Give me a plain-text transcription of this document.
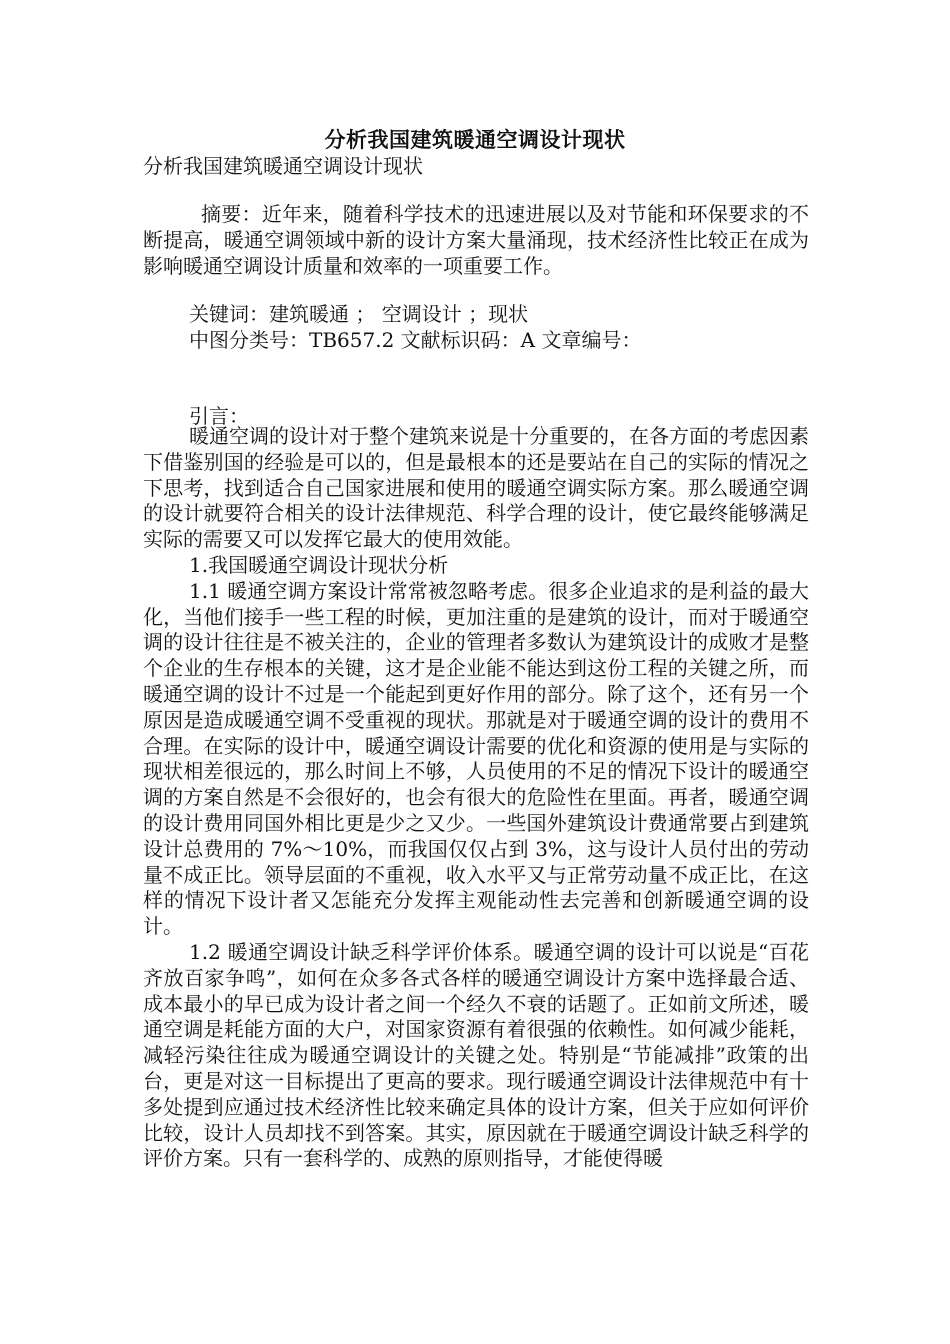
分析我国建筑暖通空调设计现状
分析我国建筑暖通空调设计现状
摘要：近年来，随着科学技术的迅速进展以及对节能和环保要求的不断提高，暖通空调领域中新的设计方案大量涌现，技术经济性比较正在成为影响暖通空调设计质量和效率的一项重要工作。
关键词：建筑暖通 ； 空调设计 ；现状
中图分类号：TB657.2 文献标识码：A 文章编号：
引言：

暖通空调的设计对于整个建筑来说是十分重要的，在各方面的考虑因素下借鉴别国的经验是可以的，但是最根本的还是要站在自己的实际的情况之下思考，找到适合自己国家进展和使用的暖通空调实际方案。那么暖通空调的设计就要符合相关的设计法律规范、科学合理的设计，使它最终能够满足实际的需要又可以发挥它最大的使用效能。

1.我国暖通空调设计现状分析

1.1 暖通空调方案设计常常被忽略考虑。很多企业追求的是利益的最大化，当他们接手一些工程的时候，更加注重的是建筑的设计，而对于暖通空调的设计往往是不被关注的，企业的管理者多数认为建筑设计的成败才是整个企业的生存根本的关键，这才是企业能不能达到这份工程的关键之所，而暖通空调的设计不过是一个能起到更好作用的部分。除了这个，还有另一个原因是造成暖通空调不受重视的现状。那就是对于暖通空调的设计的费用不合理。在实际的设计中，暖通空调设计需要的优化和资源的使用是与实际的现状相差很远的，那么时间上不够，人员使用的不足的情况下设计的暖通空调的方案自然是不会很好的，也会有很大的危险性在里面。再者，暖通空调的设计费用同国外相比更是少之又少。一些国外建筑设计费通常要占到建筑设计总费用的 7%～10%，而我国仅仅占到 3%，这与设计人员付出的劳动量不成正比。领导层面的不重视，收入水平又与正常劳动量不成正比，在这样的情况下设计者又怎能充分发挥主观能动性去完善和创新暖通空调的设计。

1.2 暖通空调设计缺乏科学评价体系。暖通空调的设计可以说是“百花齐放百家争鸣”，如何在众多各式各样的暖通空调设计方案中选择最合适、成本最小的早已成为设计者之间一个经久不衰的话题了。正如前文所述，暖通空调是耗能方面的大户，对国家资源有着很强的依赖性。如何减少能耗，减轻污染往往成为暖通空调设计的关键之处。特别是“节能减排”政策的出台，更是对这一目标提出了更高的要求。现行暖通空调设计法律规范中有十多处提到应通过技术经济性比较来确定具体的设计方案，但关于应如何评价比较，设计人员却找不到答案。其实，原因就在于暖通空调设计缺乏科学的评价方案。只有一套科学的、成熟的原则指导，才能使得暖
